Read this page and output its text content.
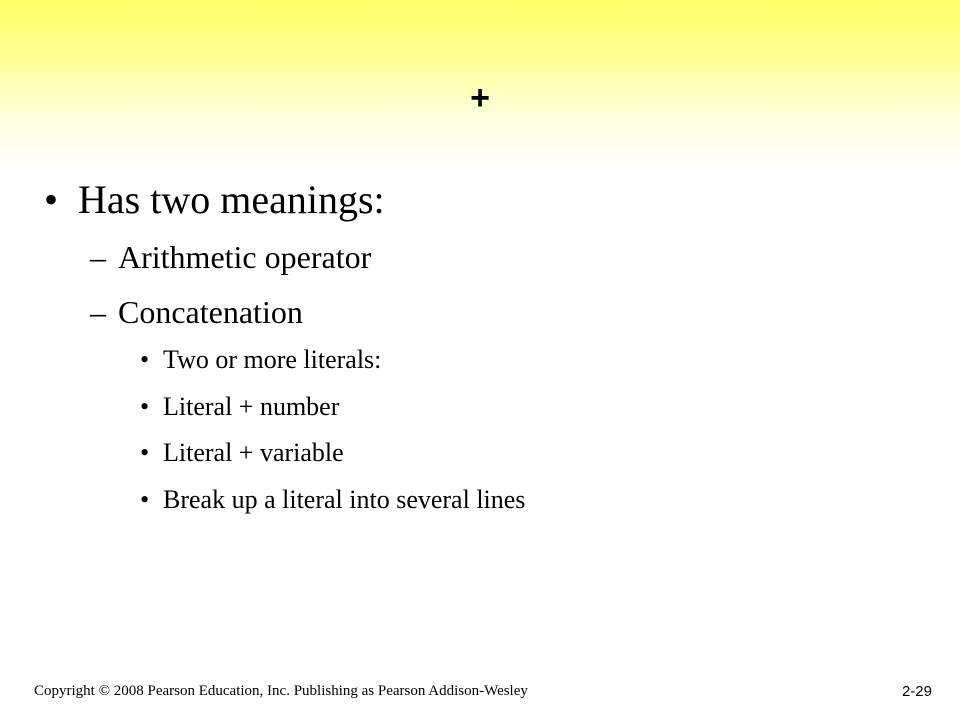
+
• Has two meanings:
– Arithmetic operator
– Concatenation
• Two or more literals:
• Literal + number
• Literal + variable
• Break up a literal into several lines
Copyright © 2008 Pearson Education, Inc. Publishing as Pearson Addison-Wesley	2-29
